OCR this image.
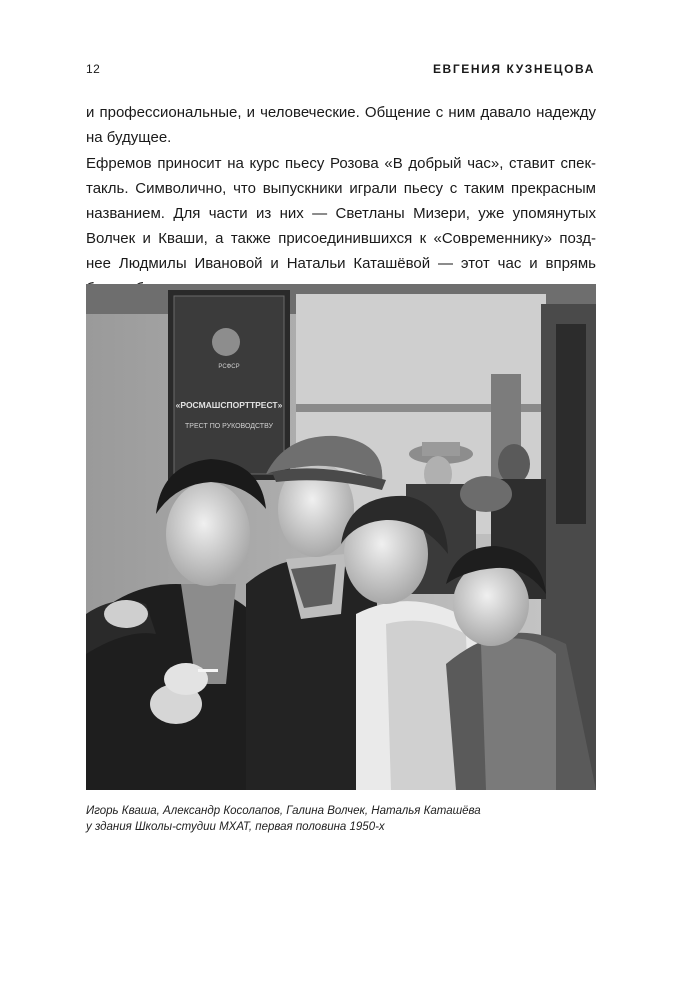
12	ЕВГЕНИЯ КУЗНЕЦОВА

и профессиональные, и человеческие. Общение с ним давало надежду
на будущее.

Ефремов приносит на курс пьесу Розова «В добрый час», ставит спек-
такль. Символично, что выпускники играли пьесу с таким прекрасным
названием. Для части из них — Светланы Мизери, уже упомянутых
Волчек и Кваши, а также присоединившихся к «Современнику» позд-
нее Людмилы Ивановой и Натальи Каташёвой — этот час и впрямь

РСФСР
«РОСМАШСПОРТТРЕСТ»
ТРЕСТ ПО РУКОВОДСТВУ
Игорь Кваша, Александр Косолапов, Галина Волчек, Наталья Каташёва
у здания Школы-студии МХАТ, первая половина 1950-х
